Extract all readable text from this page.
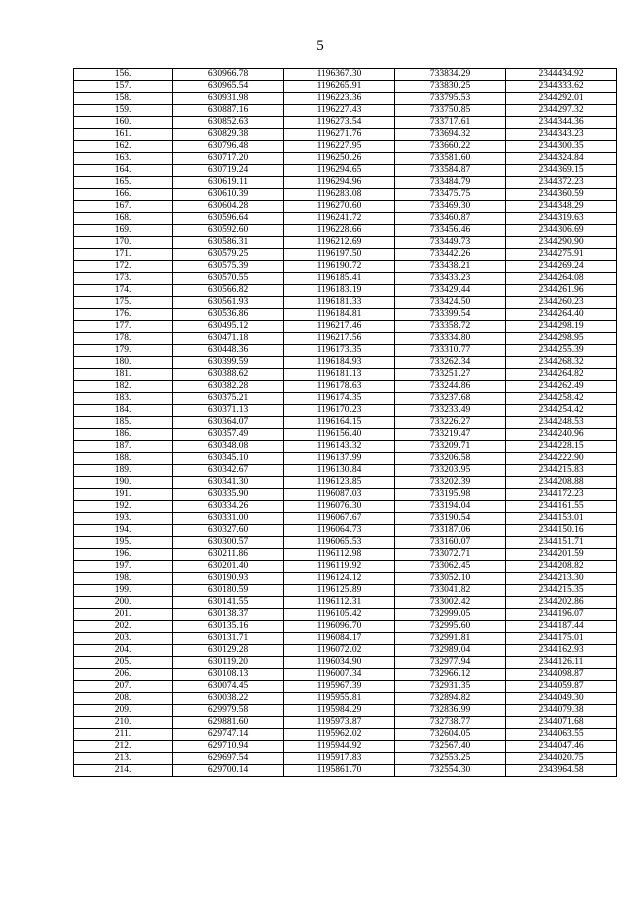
5
156.	630966.78	1196367.30	733834.29	2344434.92
157.	630965.54	1196265.91	733830.25	2344333.62
158.	630931.98	1196223.36	733795.53	2344292.01
159.	630887.16	1196227.43	733750.85	2344297.32
160.	630852.63	1196273.54	733717.61	2344344.36
161.	630829.38	1196271.76	733694.32	2344343.23
162.	630796.48	1196227.95	733660.22	2344300.35
163.	630717.20	1196250.26	733581.60	2344324.84
164.	630719.24	1196294.65	733584.87	2344369.15
165.	630619.11	1196294.96	733484.79	2344372.23
166.	630610.39	1196283.08	733475.75	2344360.59
167.	630604.28	1196270.60	733469.30	2344348.29
168.	630596.64	1196241.72	733460.87	2344319.63
169.	630592.60	1196228.66	733456.46	2344306.69
170.	630586.31	1196212.69	733449.73	2344290.90
171.	630579.25	1196197.50	733442.26	2344275.91
172.	630575.39	1196190.72	733438.21	2344269.24
173.	630570.55	1196185.41	733433.23	2344264.08
174.	630566.82	1196183.19	733429.44	2344261.96
175.	630561.93	1196181.33	733424.50	2344260.23
176.	630536.86	1196184.81	733399.54	2344264.40
177.	630495.12	1196217.46	733358.72	2344298.19
178.	630471.18	1196217.56	733334.80	2344298.95
179.	630448.36	1196173.35	733310.77	2344255.39
180.	630399.59	1196184.93	733262.34	2344268.32
181.	630388.62	1196181.13	733251.27	2344264.82
182.	630382.28	1196178.63	733244.86	2344262.49
183.	630375.21	1196174.35	733237.68	2344258.42
184.	630371.13	1196170.23	733233.49	2344254.42
185.	630364.07	1196164.15	733226.27	2344248.53
186.	630357.49	1196156.40	733219.47	2344240.96
187.	630348.08	1196143.32	733209.71	2344228.15
188.	630345.10	1196137.99	733206.58	2344222.90
189.	630342.67	1196130.84	733203.95	2344215.83
190.	630341.30	1196123.85	733202.39	2344208.88
191.	630335.90	1196087.03	733195.98	2344172.23
192.	630334.26	1196076.30	733194.04	2344161.55
193.	630331.00	1196067.67	733190.54	2344153.01
194.	630327.60	1196064.73	733187.06	2344150.16
195.	630300.57	1196065.53	733160.07	2344151.71
196.	630211.86	1196112.98	733072.71	2344201.59
197.	630201.40	1196119.92	733062.45	2344208.82
198.	630190.93	1196124.12	733052.10	2344213.30
199.	630180.59	1196125.89	733041.82	2344215.35
200.	630141.55	1196112.31	733002.42	2344202.86
201.	630138.37	1196105.42	732999.05	2344196.07
202.	630135.16	1196096.70	732995.60	2344187.44
203.	630131.71	1196084.17	732991.81	2344175.01
204.	630129.28	1196072.02	732989.04	2344162.93
205.	630119.20	1196034.90	732977.94	2344126.11
206.	630108.13	1196007.34	732966.12	2344098.87
207.	630074.45	1195967.39	732931.35	2344059.87
208.	630038.22	1195955.81	732894.82	2344049.30
209.	629979.58	1195984.29	732836.99	2344079.38
210.	629881.60	1195973.87	732738.77	2344071.68
211.	629747.14	1195962.02	732604.05	2344063.55
212.	629710.94	1195944.92	732567.40	2344047.46
213.	629697.54	1195917.83	732553.25	2344020.75
214.	629700.14	1195861.70	732554.30	2343964.58
